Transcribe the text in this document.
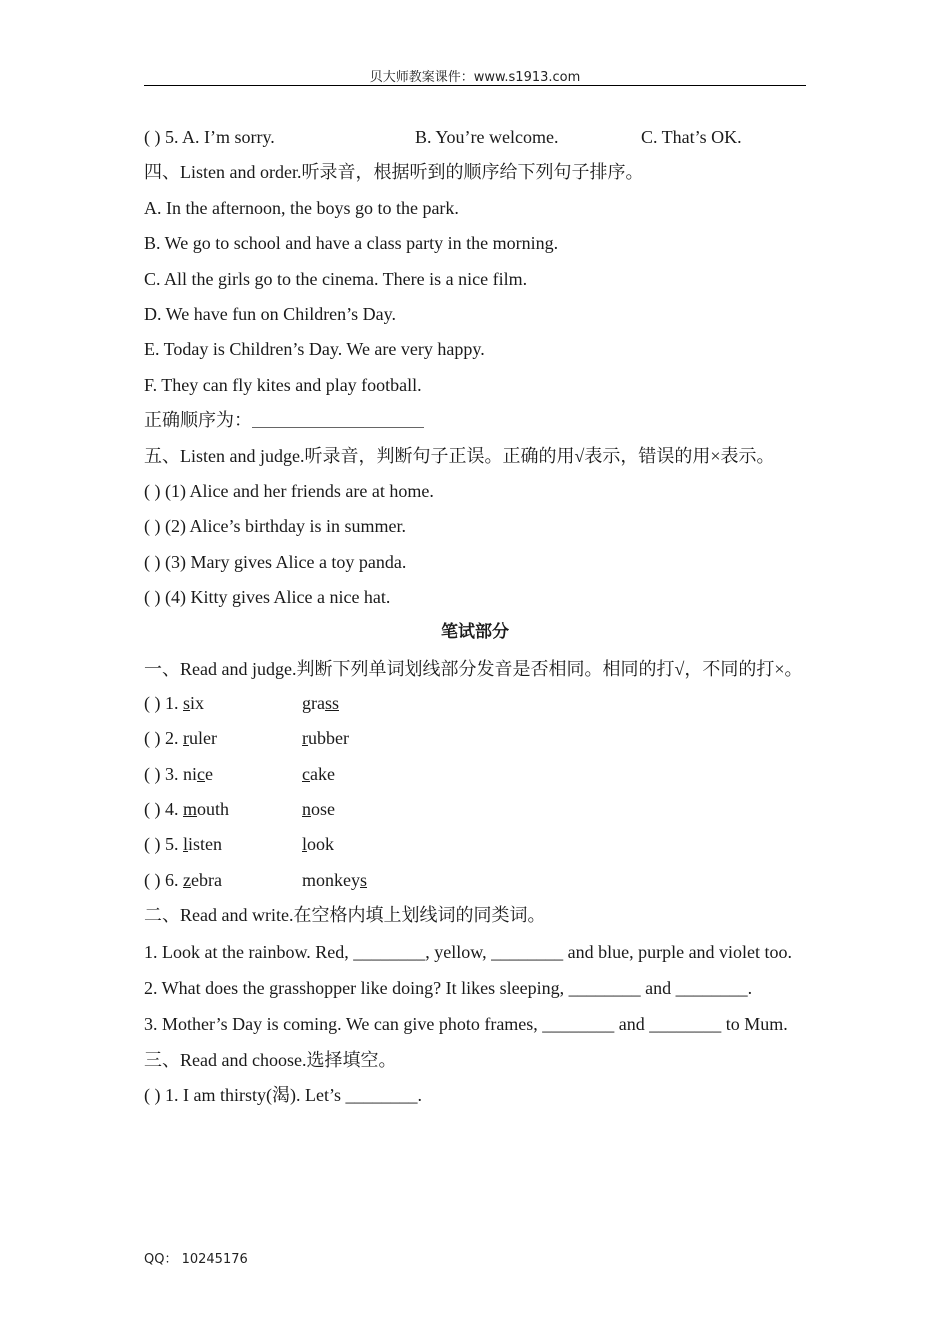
贝大师教案课件：www.s1913.com
( ) 5. A. I’m sorry.	B. You’re welcome.	C. That’s OK.
四、Listen and order.听录音，根据听到的顺序给下列句子排序。
A. In the afternoon, the boys go to the park.
B. We go to school and have a class party in the morning.
C. All the girls go to the cinema. There is a nice film.
D. We have fun on Children’s Day.
E. Today is Children’s Day. We are very happy.
F. They can fly kites and play football.
正确顺序为：
五、Listen and judge.听录音，判断句子正误。正确的用√表示，错误的用×表示。
( ) (1) Alice and her friends are at home.
( ) (2) Alice’s birthday is in summer.
( ) (3) Mary gives Alice a toy panda.
( ) (4) Kitty gives Alice a nice hat.
笔试部分
一、Read and judge.判断下列单词划线部分发音是否相同。相同的打√，不同的打×。
( ) 1. six	grass
( ) 2. ruler	rubber
( ) 3. nice	cake
( ) 4. mouth	nose
( ) 5. listen	look
( ) 6. zebra	monkeys
二、Read and write.在空格内填上划线词的同类词。
1. Look at the rainbow. Red, ________, yellow, ________ and blue, purple and violet too.
2. What does the grasshopper like doing? It likes sleeping, ________ and ________.
3. Mother’s Day is coming. We can give photo frames, ________ and ________ to Mum.
三、Read and choose.选择填空。
( ) 1. I am thirsty(渴). Let’s ________.
QQ： 10245176
